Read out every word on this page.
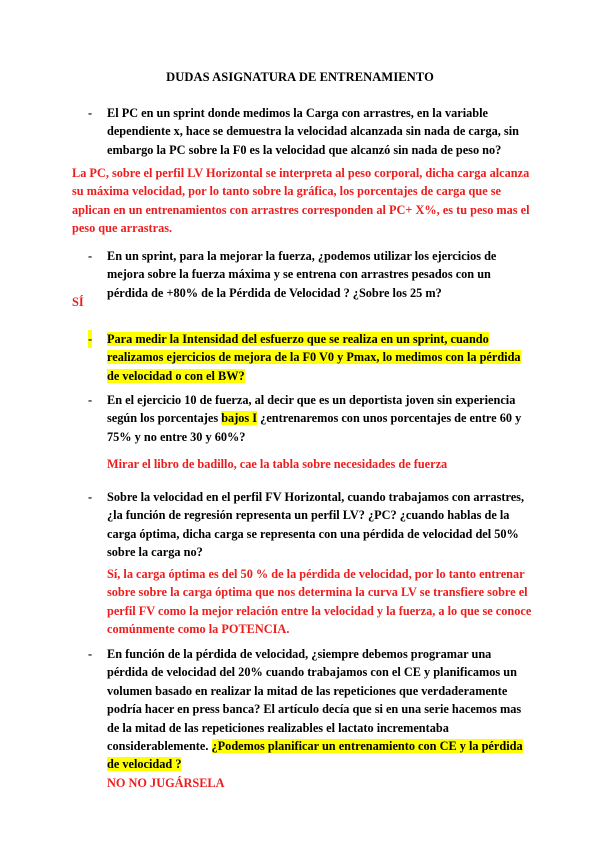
DUDAS ASIGNATURA DE ENTRENAMIENTO
- El PC en un sprint donde medimos la Carga con arrastres, en la variable
dependiente x, hace se demuestra la velocidad alcanzada sin nada de carga, sin
embargo la PC sobre la F0 es la velocidad que alcanzó sin nada de peso no?
La PC, sobre el perfil LV Horizontal se interpreta al peso corporal, dicha carga alcanza
su máxima velocidad, por lo tanto sobre la gráfica, los porcentajes de carga que se
aplican en un entrenamientos con arrastres corresponden al PC+ X%, es tu peso mas el
peso que arrastras.
- En un sprint, para la mejorar la fuerza, ¿podemos utilizar los ejercicios de
mejora sobre la fuerza máxima y se entrena con arrastres pesados con un
pérdida de +80% de la Pérdida de Velocidad ? ¿Sobre los 25 m?
SÍ
- Para medir la Intensidad del esfuerzo que se realiza en un sprint, cuando
realizamos ejercicios de mejora de la F0 V0 y Pmax, lo medimos con la pérdida
de velocidad o con el BW?
- En el ejercicio 10 de fuerza, al decir que es un deportista joven sin experiencia
según los porcentajes bajos I ¿entrenaremos con unos porcentajes de entre 60 y
75% y no entre 30 y 60%?
Mirar el libro de badillo, cae la tabla sobre necesidades de fuerza
- Sobre la velocidad en el perfil FV Horizontal, cuando trabajamos con arrastres,
¿la función de regresión representa un perfil LV? ¿PC? ¿cuando hablas de la
carga óptima, dicha carga se representa con una pérdida de velocidad del 50%
sobre la carga no?
Sí, la carga óptima es del 50 % de la pérdida de velocidad, por lo tanto entrenar
sobre sobre la carga óptima que nos determina la curva LV se transfiere sobre el
perfil FV como la mejor relación entre la velocidad y la fuerza, a lo que se conoce
comúnmente como la POTENCIA.
- En función de la pérdida de velocidad, ¿siempre debemos programar una
pérdida de velocidad del 20% cuando trabajamos con el CE y planificamos un
volumen basado en realizar la mitad de las repeticiones que verdaderamente
podría hacer en press banca? El artículo decía que si en una serie hacemos mas
de la mitad de las repeticiones realizables el lactato incrementaba
considerablemente. ¿Podemos planificar un entrenamiento con CE y la pérdida
de velocidad ?
NO NO JUGÁRSELA
